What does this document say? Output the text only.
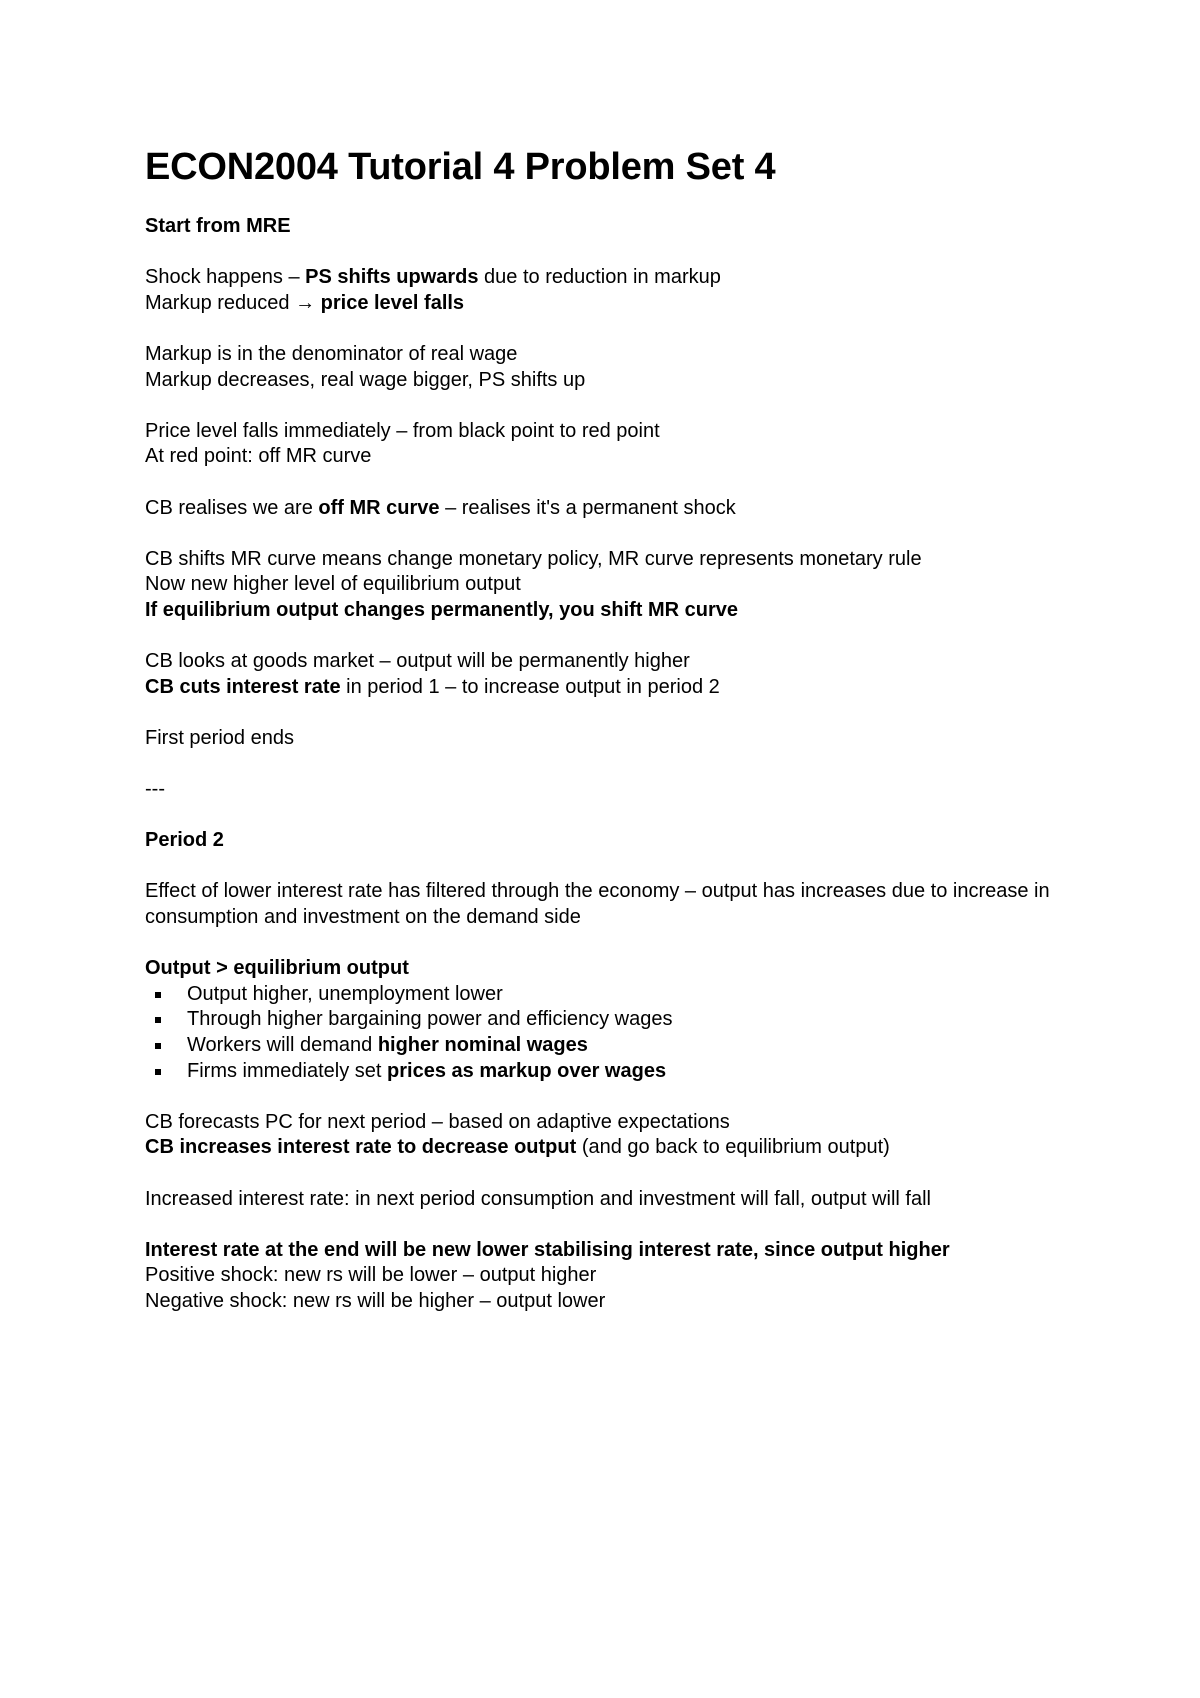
ECON2004 Tutorial 4 Problem Set 4

Start from MRE

Shock happens – PS shifts upwards due to reduction in markup

Markup reduced → price level falls

Markup is in the denominator of real wage

Markup decreases, real wage bigger, PS shifts up

Price level falls immediately – from black point to red point

At red point: off MR curve

CB realises we are off MR curve – realises it's a permanent shock

CB shifts MR curve means change monetary policy, MR curve represents monetary rule

Now new higher level of equilibrium output

If equilibrium output changes permanently, you shift MR curve

CB looks at goods market – output will be permanently higher

CB cuts interest rate in period 1 – to increase output in period 2

First period ends

---

Period 2

Effect of lower interest rate has filtered through the economy – output has increases due to increase in consumption and investment on the demand side

Output > equilibrium output

Output higher, unemployment lower
Through higher bargaining power and efficiency wages
Workers will demand higher nominal wages
Firms immediately set prices as markup over wages

CB forecasts PC for next period – based on adaptive expectations

CB increases interest rate to decrease output (and go back to equilibrium output)

Increased interest rate: in next period consumption and investment will fall, output will fall

Interest rate at the end will be new lower stabilising interest rate, since output higher

Positive shock: new rs will be lower – output higher

Negative shock: new rs will be higher – output lower
